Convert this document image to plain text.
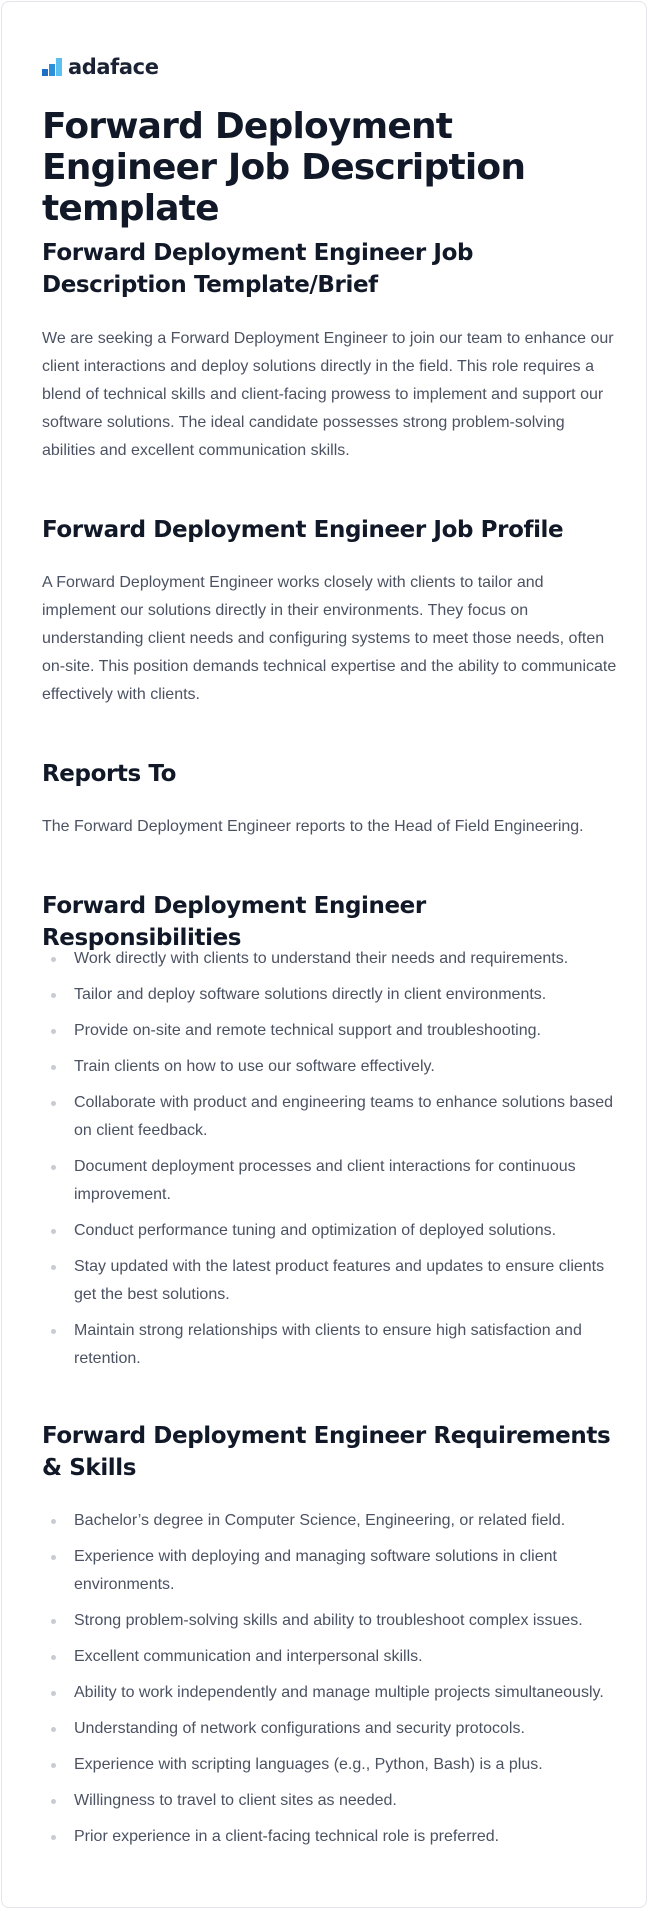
adaface
Forward Deployment Engineer Job Description template
Forward Deployment Engineer Job Description Template/Brief

We are seeking a Forward Deployment Engineer to join our team to enhance our client interactions and deploy solutions directly in the field. This role requires a blend of technical skills and client-facing prowess to implement and support our software solutions. The ideal candidate possesses strong problem-solving abilities and excellent communication skills.

Forward Deployment Engineer Job Profile

A Forward Deployment Engineer works closely with clients to tailor and implement our solutions directly in their environments. They focus on understanding client needs and configuring systems to meet those needs, often on-site. This position demands technical expertise and the ability to communicate effectively with clients.

Reports To

The Forward Deployment Engineer reports to the Head of Field Engineering.

Forward Deployment Engineer Responsibilities
Work directly with clients to understand their needs and requirements.
Tailor and deploy software solutions directly in client environments.
Provide on-site and remote technical support and troubleshooting.
Train clients on how to use our software effectively.
Collaborate with product and engineering teams to enhance solutions based on client feedback.
Document deployment processes and client interactions for continuous improvement.
Conduct performance tuning and optimization of deployed solutions.
Stay updated with the latest product features and updates to ensure clients get the best solutions.
Maintain strong relationships with clients to ensure high satisfaction and retention.
Forward Deployment Engineer Requirements & Skills
Bachelor’s degree in Computer Science, Engineering, or related field.
Experience with deploying and managing software solutions in client environments.
Strong problem-solving skills and ability to troubleshoot complex issues.
Excellent communication and interpersonal skills.
Ability to work independently and manage multiple projects simultaneously.
Understanding of network configurations and security protocols.
Experience with scripting languages (e.g., Python, Bash) is a plus.
Willingness to travel to client sites as needed.
Prior experience in a client-facing technical role is preferred.
